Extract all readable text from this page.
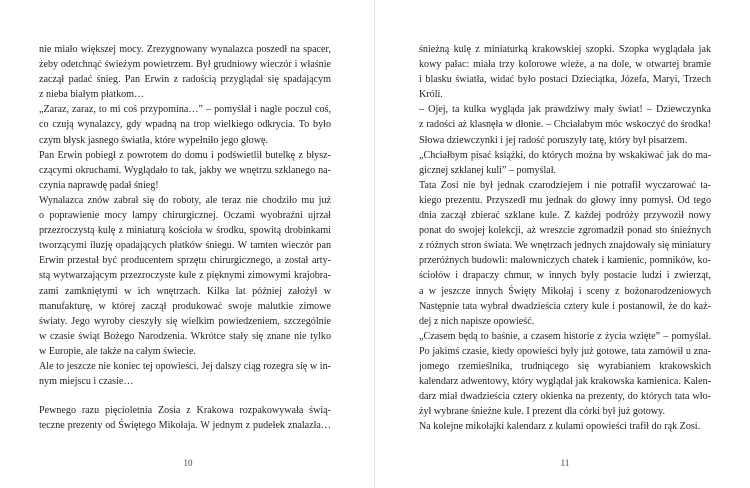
nie miało większej mocy. Zrezygnowany wynalazca poszedł na spacer,
żeby odetchnąć świeżym powietrzem. Był grudniowy wieczór i właśnie
zaczął padać śnieg. Pan Erwin z radością przyglądał się spadającym
z nieba białym płatkom…
„Zaraz, zaraz, to mi coś przypomina…” – pomyślał i nagle poczuł coś,
co czują wynalazcy, gdy wpadną na trop wielkiego odkrycia. To było
czym błysk jasnego światła, które wypełniło jego głowę.
Pan Erwin pobiegł z powrotem do domu i podświetlił butelkę z błysz-
czącymi okruchami. Wyglądało to tak, jakby we wnętrzu szklanego na-
czynia naprawdę padał śnieg!
Wynalazca znów zabrał się do roboty, ale teraz nie chodziło mu już
o poprawienie mocy lampy chirurgicznej. Oczami wyobraźni ujrzał
przezroczystą kulę z miniaturą kościoła w środku, spowitą drobinkami
tworzącymi iluzję opadających płatków śniegu. W tamten wieczór pan
Erwin przestał być producentem sprzętu chirurgicznego, a został arty-
stą wytwarzającym przezroczyste kule z pięknymi zimowymi krajobra-
zami zamkniętymi w ich wnętrzach. Kilka lat później założył w
manufakturę, w której zaczął produkować swoje malutkie zimowe
światy. Jego wyroby cieszyły się wielkim powiedzeniem, szczególnie
w czasie świąt Bożego Narodzenia. Wkrótce stały się znane nie tylko
w Europie, ale także na całym świecie.
Ale to jeszcze nie koniec tej opowieści. Jej dalszy ciąg rozegra się w in-
nym miejscu i czasie…
Pewnego razu pięcioletnia Zosia z Krakowa rozpakowywała świą-
teczne prezenty od Świętego Mikołaja. W jednym z pudełek znalazła…
10
śnieżną kulę z miniaturką krakowskiej szopki. Szopka wyglądała jak
kowy pałac: miała trzy kolorowe wieże, a na dole, w otwartej bramie
i blasku światła, widać było postaci Dzieciątka, Józefa, Maryi, Trzech
Króli.
– Ojej, ta kulka wygląda jak prawdziwy mały świat! – Dziewczynka
z radości aż klasnęła w dłonie. – Chciałabym móc wskoczyć do środka!
Słowa dziewczynki i jej radość poruszyły tatę, który był pisarzem.
„Chciałbym pisać książki, do których można by wskakiwać jak do ma-
gicznej szklanej kuli” – pomyślał.
Tata Zosi nie był jednak czarodziejem i nie potrafił wyczarować ta-
kiego prezentu. Przyszedł mu jednak do głowy inny pomysł. Od tego
dnia zaczął zbierać szklane kule. Z każdej podróży przywoził nowy
ponat do swojej kolekcji, aż wreszcie zgromadził ponad sto śnieżnych
z różnych stron świata. We wnętrzach jednych znajdowały się miniatury
przeróżnych budowli: malowniczych chatek i kamienic, pomników, ko-
ściołów i drapaczy chmur, w innych były postacie ludzi i zwierząt,
a w jeszcze innych Święty Mikołaj i sceny z bożonarodzeniowych
Następnie tata wybrał dwadzieścia cztery kule i postanowił, że do każ-
dej z nich napisze opowieść.
„Czasem będą to baśnie, a czasem historie z życia wzięte” – pomyślał.
Po jakimś czasie, kiedy opowieści były już gotowe, tata zamówił u zna-
jomego rzemieślnika, trudniącego się wyrabianiem krakowskich
kalendarz adwentowy, który wyglądał jak krakowska kamienica. Kalen-
darz miał dwadzieścia cztery okienka na prezenty, do których tata wło-
żył wybrane śnieżne kule. I prezent dla córki był już gotowy.
Na kolejne mikołajki kalendarz z kulami opowieści trafił do rąk Zosi.
11
